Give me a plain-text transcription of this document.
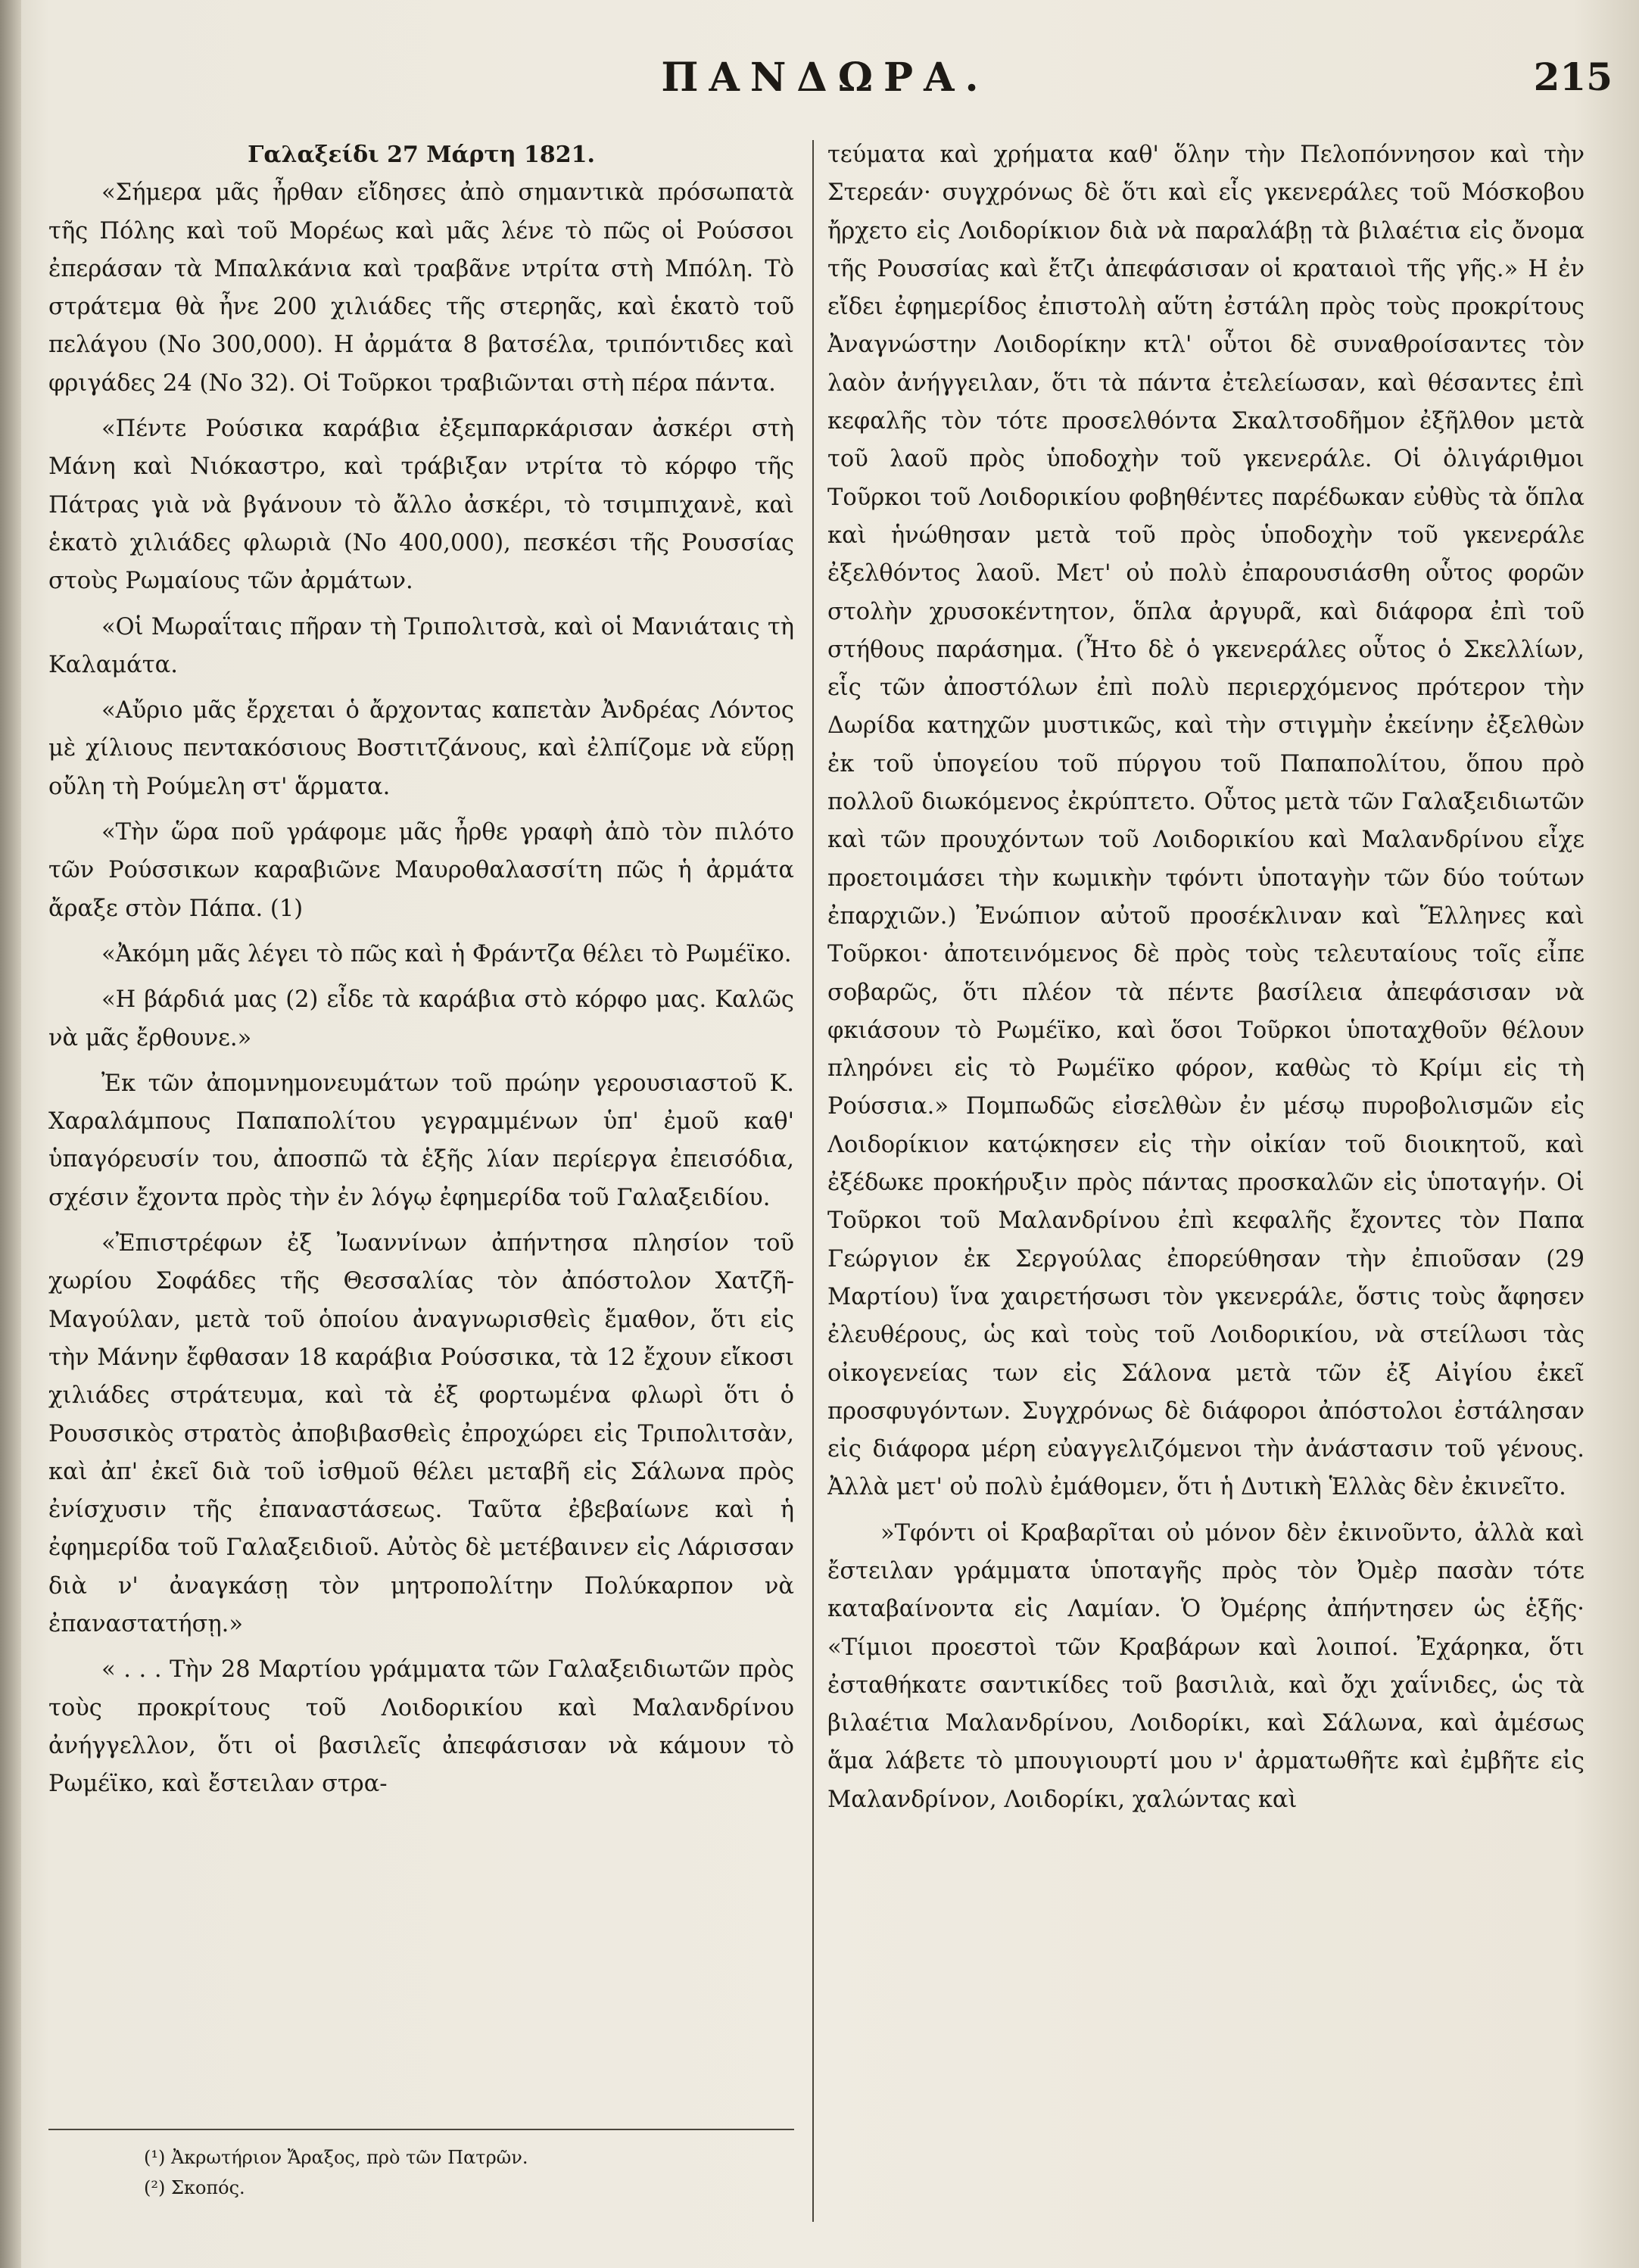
ΠΑΝΔΩΡΑ.	215
Γαλαξείδι 27 Μάρτη 1821.

«Σήμερα μᾶς ἦρθαν εἴδησες ἀπὸ σημαντικὰ πρόσωπατὰ τῆς Πόλης καὶ τοῦ Μορέως καὶ μᾶς λένε τὸ πῶς οἱ Ρούσσοι ἐπεράσαν τὰ Μπαλκάνια καὶ τραβᾶνε ντρίτα στὴ Μπόλη. Τὸ στράτεμα θὰ ἦνε 200 χιλιάδες τῆς στερηᾶς, καὶ ἑκατὸ τοῦ πελάγου (Νο 300,000). Η ἀρμάτα 8 βατσέλα, τριπόντιδες καὶ φριγάδες 24 (Νο 32). Οἱ Τοῦρκοι τραβιῶνται στὴ πέρα πάντα.

«Πέντε Ρούσικα καράβια ἐξεμπαρκάρισαν ἀσκέρι στὴ Μάνη καὶ Νιόκαστρο, καὶ τράβιξαν ντρίτα τὸ κόρφο τῆς Πάτρας γιὰ νὰ βγάνουν τὸ ἄλλο ἀσκέρι, τὸ τσιμπιχανὲ, καὶ ἑκατὸ χιλιάδες φλωριὰ (Νο 400,000), πεσκέσι τῆς Ρουσσίας στοὺς Ρωμαίους τῶν ἀρμάτων.

«Οἱ Μωραΐταις πῆραν τὴ Τριπολιτσὰ, καὶ οἱ Μανιάταις τὴ Καλαμάτα.

«Αὔριο μᾶς ἔρχεται ὁ ἄρχοντας καπετὰν Ἀνδρέας Λόντος μὲ χίλιους πεντακόσιους Βοστιτζάνους, καὶ ἐλπίζομε νὰ εὕρῃ οὔλη τὴ Ρούμελη στ' ἅρματα.

«Τὴν ὥρα ποῦ γράφομε μᾶς ἦρθε γραφὴ ἀπὸ τὸν πιλότο τῶν Ρούσσικων καραβιῶνε Μαυροθαλασσίτη πῶς ἡ ἀρμάτα ἄραξε στὸν Πάπα. (1)

«Ἀκόμη μᾶς λέγει τὸ πῶς καὶ ἡ Φράντζα θέλει τὸ Ρωμέϊκο.

«Η βάρδιά μας (2) εἶδε τὰ καράβια στὸ κόρφο μας. Καλῶς νὰ μᾶς ἔρθουνε.»

Ἐκ τῶν ἀπομνημονευμάτων τοῦ πρώην γερουσιαστοῦ Κ. Χαραλάμπους Παπαπολίτου γεγραμμένων ὑπ' ἐμοῦ καθ' ὑπαγόρευσίν του, ἀποσπῶ τὰ ἑξῆς λίαν περίεργα ἐπεισόδια, σχέσιν ἔχοντα πρὸς τὴν ἐν λόγῳ ἐφημερίδα τοῦ Γαλαξειδίου.

«Ἐπιστρέφων ἐξ Ἰωαννίνων ἀπήντησα πλησίον τοῦ χωρίου Σοφάδες τῆς Θεσσαλίας τὸν ἀπόστολον Χατζῆ-Μαγούλαν, μετὰ τοῦ ὁποίου ἀναγνωρισθεὶς ἔμαθον, ὅτι εἰς τὴν Μάνην ἔφθασαν 18 καράβια Ρούσσικα, τὰ 12 ἔχουν εἴκοσι χιλιάδες στράτευμα, καὶ τὰ ἐξ φορτωμένα φλωρὶ ὅτι ὁ Ρουσσικὸς στρατὸς ἀποβιβασθεὶς ἐπροχώρει εἰς Τριπολιτσὰν, καὶ ἀπ' ἐκεῖ διὰ τοῦ ἰσθμοῦ θέλει μεταβῆ εἰς Σάλωνα πρὸς ἐνίσχυσιν τῆς ἐπαναστάσεως. Ταῦτα ἐβεβαίωνε καὶ ἡ ἐφημερίδα τοῦ Γαλαξειδιοῦ. Αὐτὸς δὲ μετέβαινεν εἰς Λάρισσαν διὰ ν' ἀναγκάσῃ τὸν μητροπολίτην Πολύκαρπον νὰ ἐπαναστατήσῃ.»

« . . . Τὴν 28 Μαρτίου γράμματα τῶν Γαλαξειδιωτῶν πρὸς τοὺς προκρίτους τοῦ Λοιδορικίου καὶ Μαλανδρίνου ἀνήγγελλον, ὅτι οἱ βασιλεῖς ἀπεφάσισαν νὰ κάμουν τὸ Ρωμέϊκο, καὶ ἔστειλαν στρα-

τεύματα καὶ χρήματα καθ' ὅλην τὴν Πελοπόννησον καὶ τὴν Στερεάν· συγχρόνως δὲ ὅτι καὶ εἷς γκενεράλες τοῦ Μόσκοβου ἤρχετο εἰς Λοιδορίκιον διὰ νὰ παραλάβῃ τὰ βιλαέτια εἰς ὄνομα τῆς Ρουσσίας καὶ ἔτζι ἀπεφάσισαν οἱ κραταιοὶ τῆς γῆς.» Η ἐν εἴδει ἐφημερίδος ἐπιστολὴ αὕτη ἐστάλη πρὸς τοὺς προκρίτους Ἀναγνώστην Λοιδορίκην κτλ' οὗτοι δὲ συναθροίσαντες τὸν λαὸν ἀνήγγειλαν, ὅτι τὰ πάντα ἐτελείωσαν, καὶ θέσαντες ἐπὶ κεφαλῆς τὸν τότε προσελθόντα Σκαλτσοδῆμον ἐξῆλθον μετὰ τοῦ λαοῦ πρὸς ὑποδοχὴν τοῦ γκενεράλε. Οἱ ὀλιγάριθμοι Τοῦρκοι τοῦ Λοιδορικίου φοβηθέντες παρέδωκαν εὐθὺς τὰ ὅπλα καὶ ἡνώθησαν μετὰ τοῦ πρὸς ὑποδοχὴν τοῦ γκενεράλε ἐξελθόντος λαοῦ. Μετ' οὐ πολὺ ἐπαρουσιάσθη οὗτος φορῶν στολὴν χρυσοκέντητον, ὅπλα ἀργυρᾶ, καὶ διάφορα ἐπὶ τοῦ στήθους παράσημα. (Ἦτο δὲ ὁ γκενεράλες οὗτος ὁ Σκελλίων, εἷς τῶν ἀποστόλων ἐπὶ πολὺ περιερχόμενος πρότερον τὴν Δωρίδα κατηχῶν μυστικῶς, καὶ τὴν στιγμὴν ἐκείνην ἐξελθὼν ἐκ τοῦ ὑπογείου τοῦ πύργου τοῦ Παπαπολίτου, ὅπου πρὸ πολλοῦ διωκόμενος ἐκρύπτετο. Οὗτος μετὰ τῶν Γαλαξειδιωτῶν καὶ τῶν προυχόντων τοῦ Λοιδορικίου καὶ Μαλανδρίνου εἶχε προετοιμάσει τὴν κωμικὴν τφόντι ὑποταγὴν τῶν δύο τούτων ἐπαρχιῶν.) Ἐνώπιον αὐτοῦ προσέκλιναν καὶ Ἕλληνες καὶ Τοῦρκοι· ἀποτεινόμενος δὲ πρὸς τοὺς τελευταίους τοῖς εἶπε σοβαρῶς, ὅτι πλέον τὰ πέντε βασίλεια ἀπεφάσισαν νὰ φκιάσουν τὸ Ρωμέϊκο, καὶ ὅσοι Τοῦρκοι ὑποταχθοῦν θέλουν πληρόνει εἰς τὸ Ρωμέϊκο φόρον, καθὼς τὸ Κρίμι εἰς τὴ Ρούσσια.» Πομπωδῶς εἰσελθὼν ἐν μέσῳ πυροβολισμῶν εἰς Λοιδορίκιον κατῴκησεν εἰς τὴν οἰκίαν τοῦ διοικητοῦ, καὶ ἐξέδωκε προκήρυξιν πρὸς πάντας προσκαλῶν εἰς ὑποταγήν. Οἱ Τοῦρκοι τοῦ Μαλανδρίνου ἐπὶ κεφαλῆς ἔχοντες τὸν Παπα Γεώργιον ἐκ Σεργούλας ἐπορεύθησαν τὴν ἐπιοῦσαν (29 Μαρτίου) ἵνα χαιρετήσωσι τὸν γκενεράλε, ὅστις τοὺς ἄφησεν ἐλευθέρους, ὡς καὶ τοὺς τοῦ Λοιδορικίου, νὰ στείλωσι τὰς οἰκογενείας των εἰς Σάλονα μετὰ τῶν ἐξ Αἰγίου ἐκεῖ προσφυγόντων. Συγχρόνως δὲ διάφοροι ἀπόστολοι ἐστάλησαν εἰς διάφορα μέρη εὐαγγελιζόμενοι τὴν ἀνάστασιν τοῦ γένους. Ἀλλὰ μετ' οὐ πολὺ ἐμάθομεν, ὅτι ἡ Δυτικὴ Ἑλλὰς δὲν ἐκινεῖτο.

»Τφόντι οἱ Κραβαρῖται οὐ μόνον δὲν ἐκινοῦντο, ἀλλὰ καὶ ἔστειλαν γράμματα ὑποταγῆς πρὸς τὸν Ὀμὲρ πασὰν τότε καταβαίνοντα εἰς Λαμίαν. Ὁ Ὀμέρης ἀπήντησεν ὡς ἑξῆς· «Τίμιοι προεστοὶ τῶν Κραβάρων καὶ λοιποί. Ἐχάρηκα, ὅτι ἐσταθήκατε σαντικίδες τοῦ βασιλιὰ, καὶ ὄχι χαΐνιδες, ὡς τὰ βιλαέτια Μαλανδρίνου, Λοιδορίκι, καὶ Σάλωνα, καὶ ἀμέσως ἅμα λάβετε τὸ μπουγιουρτί μου ν' ἀρματωθῆτε καὶ ἐμβῆτε εἰς Μαλανδρίνον, Λοιδορίκι, χαλώντας καὶ

(¹) Ἀκρωτήριον Ἄραξος, πρὸ τῶν Πατρῶν.
(²) Σκοπός.
